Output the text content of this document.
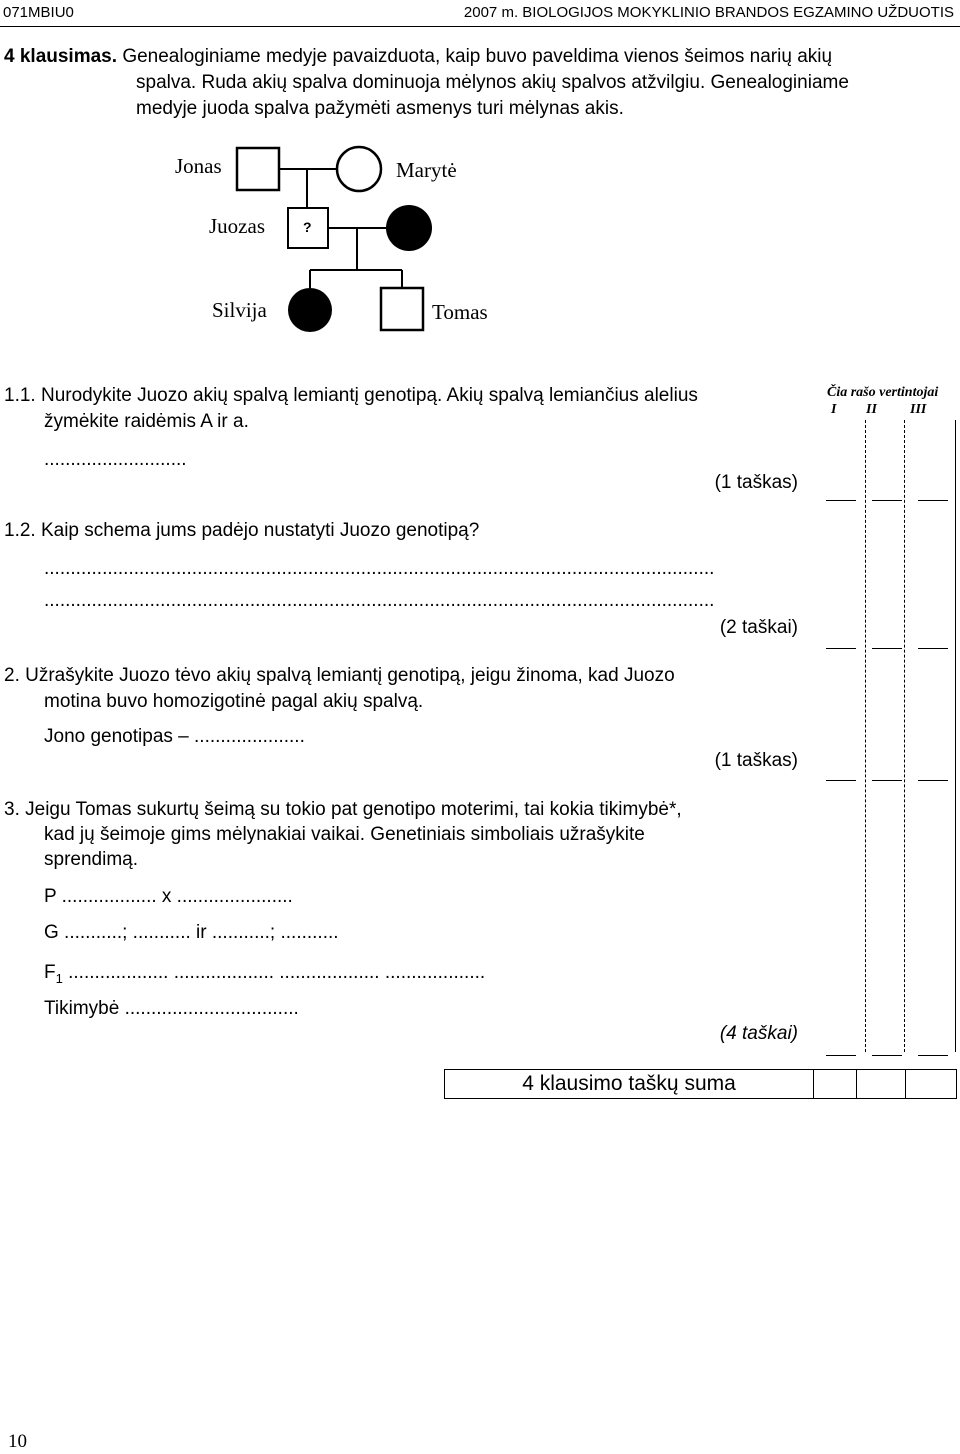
071MBIU0	2007 m. BIOLOGIJOS MOKYKLINIO BRANDOS EGZAMINO UŽDUOTIS
4 klausimas. Genealoginiame medyje pavaizduota, kaip buvo paveldima vienos šeimos narių akių
spalva. Ruda akių spalva dominuoja mėlynos akių spalvos atžvilgiu. Genealoginiame
medyje juoda spalva pažymėti asmenys turi mėlynas akis.
?
Jonas	Marytė
Juozas
Silvija	Tomas
Čia rašo vertintojai
I II III
1.1. Nurodykite Juozo akių spalvą lemiantį genotipą. Akių spalvą lemiančius alelius
žymėkite raidėmis A ir a.
...........................
(1 taškas)
1.2. Kaip schema jums padėjo nustatyti Juozo genotipą?
...............................................................................................................................
...............................................................................................................................
(2 taškai)
2. Užrašykite Juozo tėvo akių spalvą lemiantį genotipą, jeigu žinoma, kad Juozo
motina buvo homozigotinė pagal akių spalvą.
Jono genotipas – .....................
(1 taškas)
3. Jeigu Tomas sukurtų šeimą su tokio pat genotipo moterimi, tai kokia tikimybė*,
kad jų šeimoje gims mėlynakiai vaikai. Genetiniais simboliais užrašykite
sprendimą.
P .................. x ......................
G ...........; ........... ir ...........; ...........
$F_1$ ................... ................... ................... ...................
Tikimybė .................................
(4 taškai)
4 klausimo taškų suma
10
